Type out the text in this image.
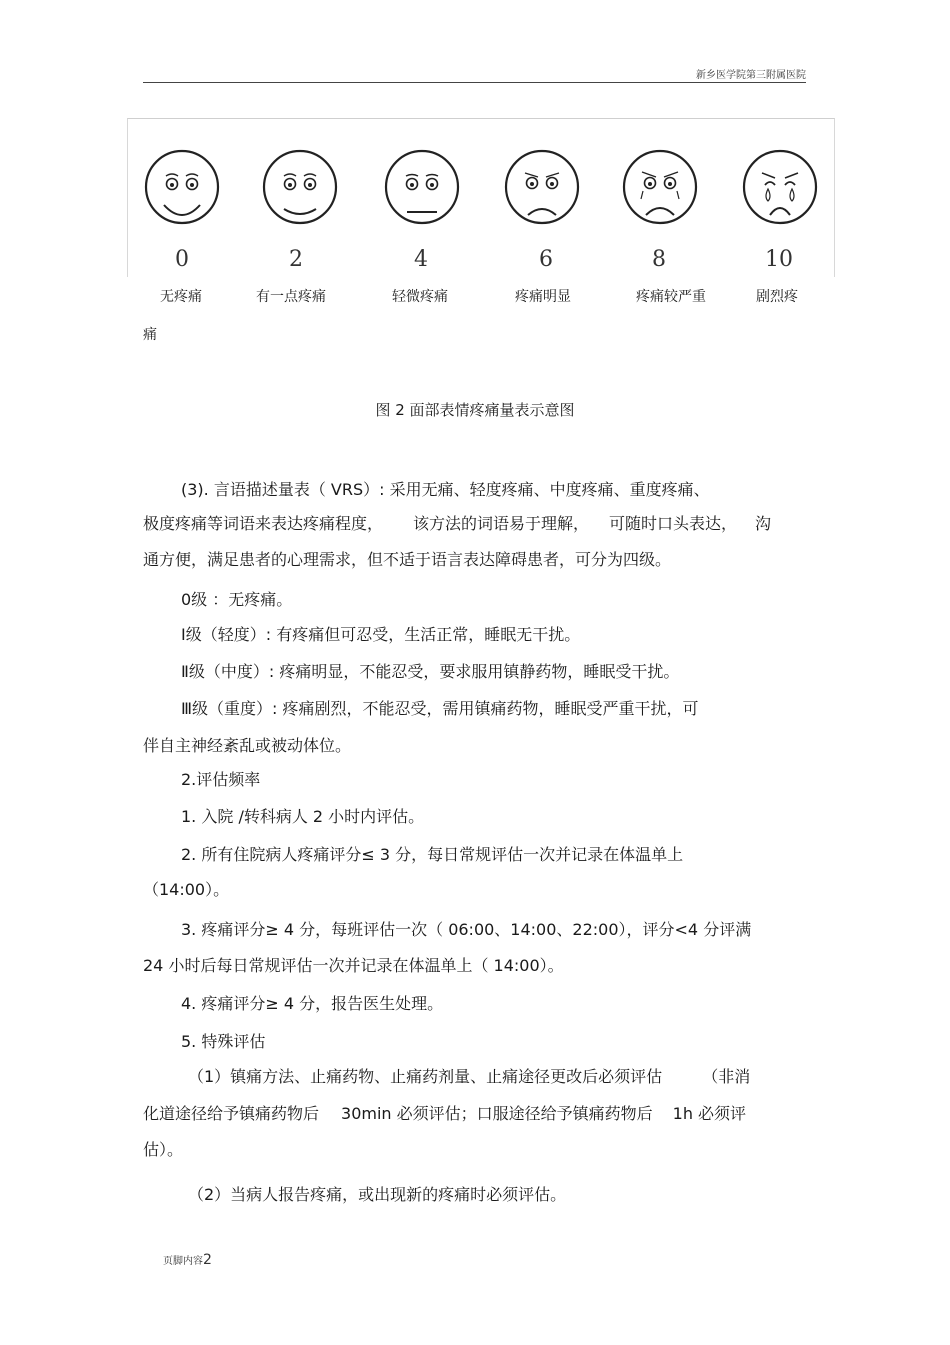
新乡医学院第三附属医院
0	2	4	6	8	10
无疼痛	有一点疼痛	轻微疼痛	疼痛明显	疼痛较严重	剧烈疼
痛
图 2 面部表情疼痛量表示意图
(3). 言语描述量表（ VRS）: 采用无痛、轻度疼痛、中度疼痛、重度疼痛、
极度疼痛等词语来表达疼痛程度， 该方法的词语易于理解， 可随时口头表达， 沟
通方便，满足患者的心理需求，但不适于语言表达障碍患者，可分为四级。
0级 ：无疼痛。
Ⅰ级（轻度）: 有疼痛但可忍受，生活正常，睡眠无干扰。
Ⅱ级（中度）: 疼痛明显，不能忍受，要求服用镇静药物，睡眠受干扰。
Ⅲ级（重度）: 疼痛剧烈，不能忍受，需用镇痛药物，睡眠受严重干扰，可
伴自主神经紊乱或被动体位。
2.评估频率
1. 入院 /转科病人 2 小时内评估。
2. 所有住院病人疼痛评分≤ 3 分，每日常规评估一次并记录在体温单上
（14:00）。
3. 疼痛评分≥ 4 分，每班评估一次（ 06:00、14:00、22:00），评分<4 分评满
24 小时后每日常规评估一次并记录在体温单上（ 14:00）。
4. 疼痛评分≥ 4 分，报告医生处理。
5. 特殊评估
（1）镇痛方法、止痛药物、止痛药剂量、止痛途径更改后必须评估	（非消
化道途径给予镇痛药物后 30min 必须评估；口服途径给予镇痛药物后 1h 必须评
估）。
（2）当病人报告疼痛，或出现新的疼痛时必须评估。
页脚内容2
